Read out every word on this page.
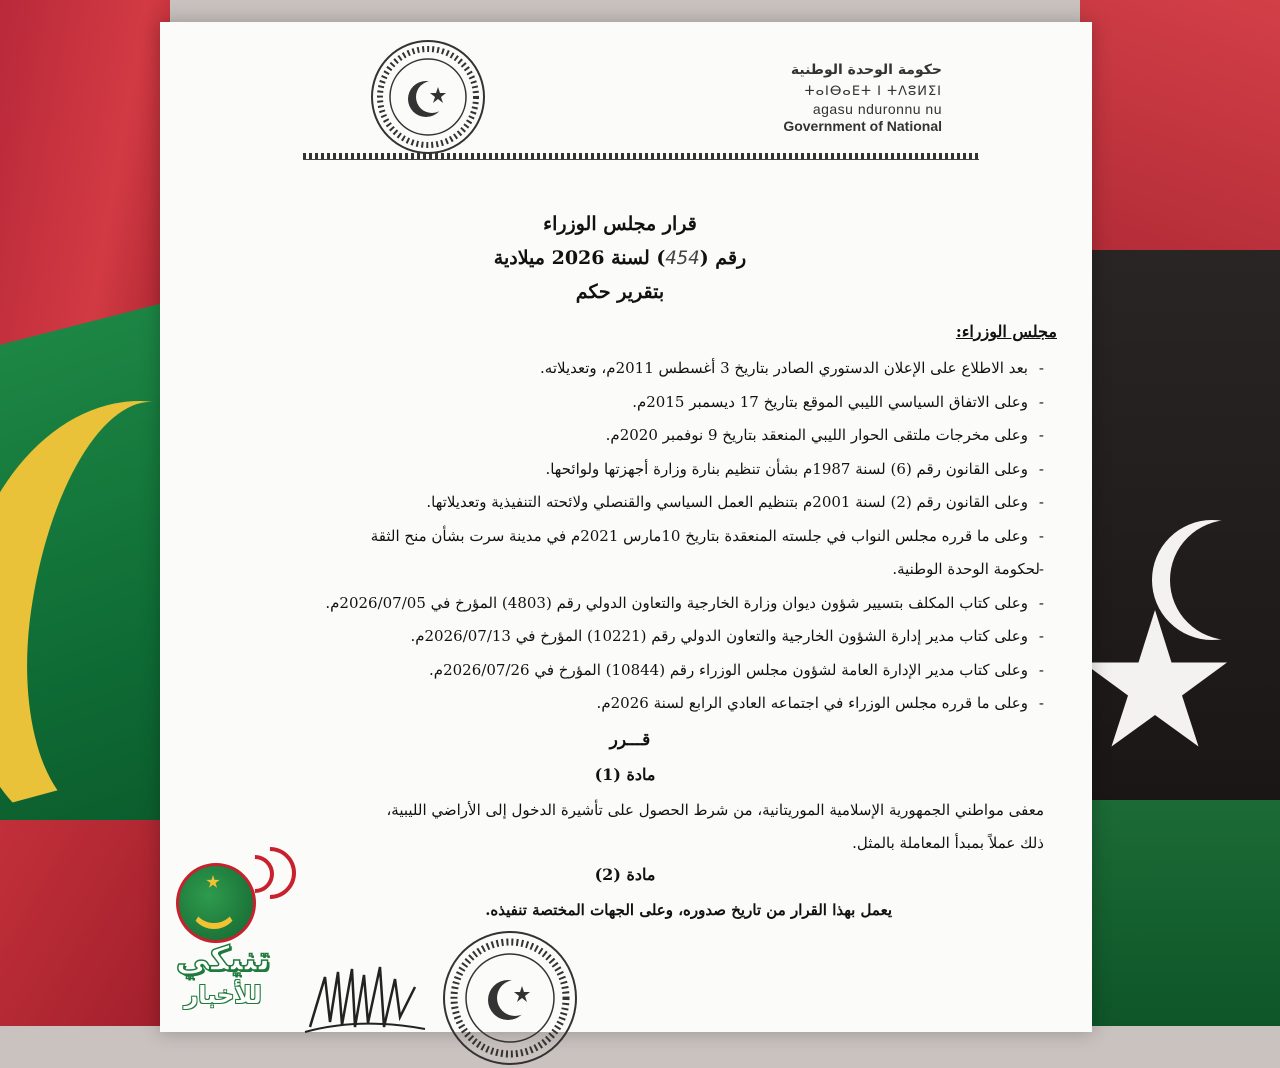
حكومة الوحدة الوطنية
ⵜⴰⵏⴱⴰⴹⵜ ⵏ ⵜⴷⵓⵍⵉⵏ
agasu nduronnu nu
Government of National
قرار مجلس الوزراء
رقم (454) لسنة 2026 ميلادية
بتقرير حكم
مجلس الوزراء:
- بعد الاطلاع على الإعلان الدستوري الصادر بتاريخ 3 أغسطس 2011م، وتعديلاته.
- وعلى الاتفاق السياسي الليبي الموقع بتاريخ 17 ديسمبر 2015م.
- وعلى مخرجات ملتقى الحوار الليبي المنعقد بتاريخ 9 نوفمبر 2020م.
- وعلى القانون رقم (6) لسنة 1987م بشأن تنظيم بنارة وزارة أجهزتها ولوائحها.
- وعلى القانون رقم (2) لسنة 2001م بتنظيم العمل السياسي والقنصلي ولائحته التنفيذية وتعديلاتها.
- وعلى ما قرره مجلس النواب في جلسته المنعقدة بتاريخ 10مارس 2021م في مدينة سرت بشأن منح الثقة
- لحكومة الوحدة الوطنية.
- وعلى كتاب المكلف بتسيير شؤون ديوان وزارة الخارجية والتعاون الدولي رقم (4803) المؤرخ في 2026/07/05م.
- وعلى كتاب مدير إدارة الشؤون الخارجية والتعاون الدولي رقم (10221) المؤرخ في 2026/07/13م.
- وعلى كتاب مدير الإدارة العامة لشؤون مجلس الوزراء رقم (10844) المؤرخ في 2026/07/26م.
- وعلى ما قرره مجلس الوزراء في اجتماعه العادي الرابع لسنة 2026م.
قـــرر
مادة (1)
معفى مواطني الجمهورية الإسلامية الموريتانية، من شرط الحصول على تأشيرة الدخول إلى الأراضي الليبية،
ذلك عملاً بمبدأ المعاملة بالمثل.
مادة (2)
يعمل بهذا القرار من تاريخ صدوره، وعلى الجهات المختصة تنفيذه.
تنيكي
للأخبار
